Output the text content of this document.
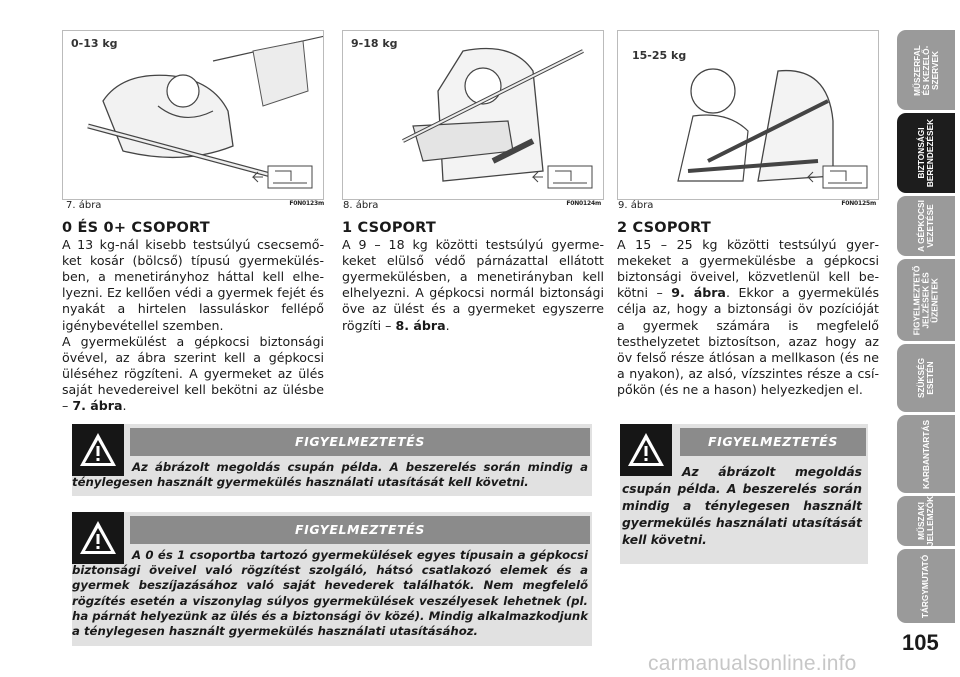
0-13 kg
7. ábra	F0N0123m
9-18 kg
8. ábra	F0N0124m
15-25 kg
9. ábra	F0N0125m
0 ÉS 0+ CSOPORT

A 13 kg-nál kisebb testsúlyú csecsemőket kosár (bölcső) típusú gyermekülésben, a menetirányhoz háttal kell elhelyezni. Ez kellően védi a gyermek fejét és nyakát a hirtelen lassuláskor fellépő igénybevétellel szemben.

A gyermekülést a gépkocsi biztonsági övével, az ábra szerint kell a gépkocsi üléséhez rögzíteni. A gyermeket az ülés saját hevedereivel kell bekötni az ülésbe – 7. ábra.

1 CSOPORT

A 9 – 18 kg közötti testsúlyú gyermekeket elülső védő párnázattal ellátott gyermekülésben, a menetirányban kell elhelyezni. A gépkocsi normál biztonsági öve az ülést és a gyermeket egyszerre rögzíti – 8. ábra.

2 CSOPORT

A 15 – 25 kg közötti testsúlyú gyermekeket a gyermekülésbe a gépkocsi biztonsági öveivel, közvetlenül kell bekötni – 9. ábra. Ekkor a gyermekülés célja az, hogy a biztonsági öv pozícióját a gyermek számára is megfelelő testhelyzetet biztosítson, azaz hogy az öv felső része átlósan a mellkason (és ne a nyakon), az alsó, vízszintes része a csípőkön (és ne a hason) helyezkedjen el.

FIGYELMEZTETÉS
Az ábrázolt megoldás csupán példa. A beszerelés során mindig a ténylegesen használt gyermekülés használati utasítását kell követni.
FIGYELMEZTETÉS
A 0 és 1 csoportba tartozó gyermekülések egyes típusain a gépkocsi biztonsági öveivel való rögzítést szolgáló, hátsó csatlakozó elemek és a gyermek beszíjazásához való saját hevederek találhatók. Nem megfelelő rögzítés esetén a viszonylag súlyos gyermekülések veszélyesek lehetnek (pl. ha párnát helyezünk az ülés és a biztonsági öv közé). Mindig alkalmazkodjunk a ténylegesen használt gyermekülés használati utasításához.
FIGYELMEZTETÉS
Az ábrázolt megoldás csupán példa. A beszerelés során mindig a ténylegesen használt gyermekülés használati utasítását kell követni.
MŰSZERFAL
ÉS KEZELŐ-
SZERVEK
BIZTONSÁGI
BERENDEZÉSEK
A GÉPKOCSI
VEZETÉSE
FIGYELMEZTETŐ
JELZÉSEK ÉS
ÜZENETEK
SZÜKSÉG
ESETÉN
KARBANTARTÁS
MŰSZAKI
JELLEMZŐK
TÁRGYMUTATÓ
105
carmanualsonline.info
